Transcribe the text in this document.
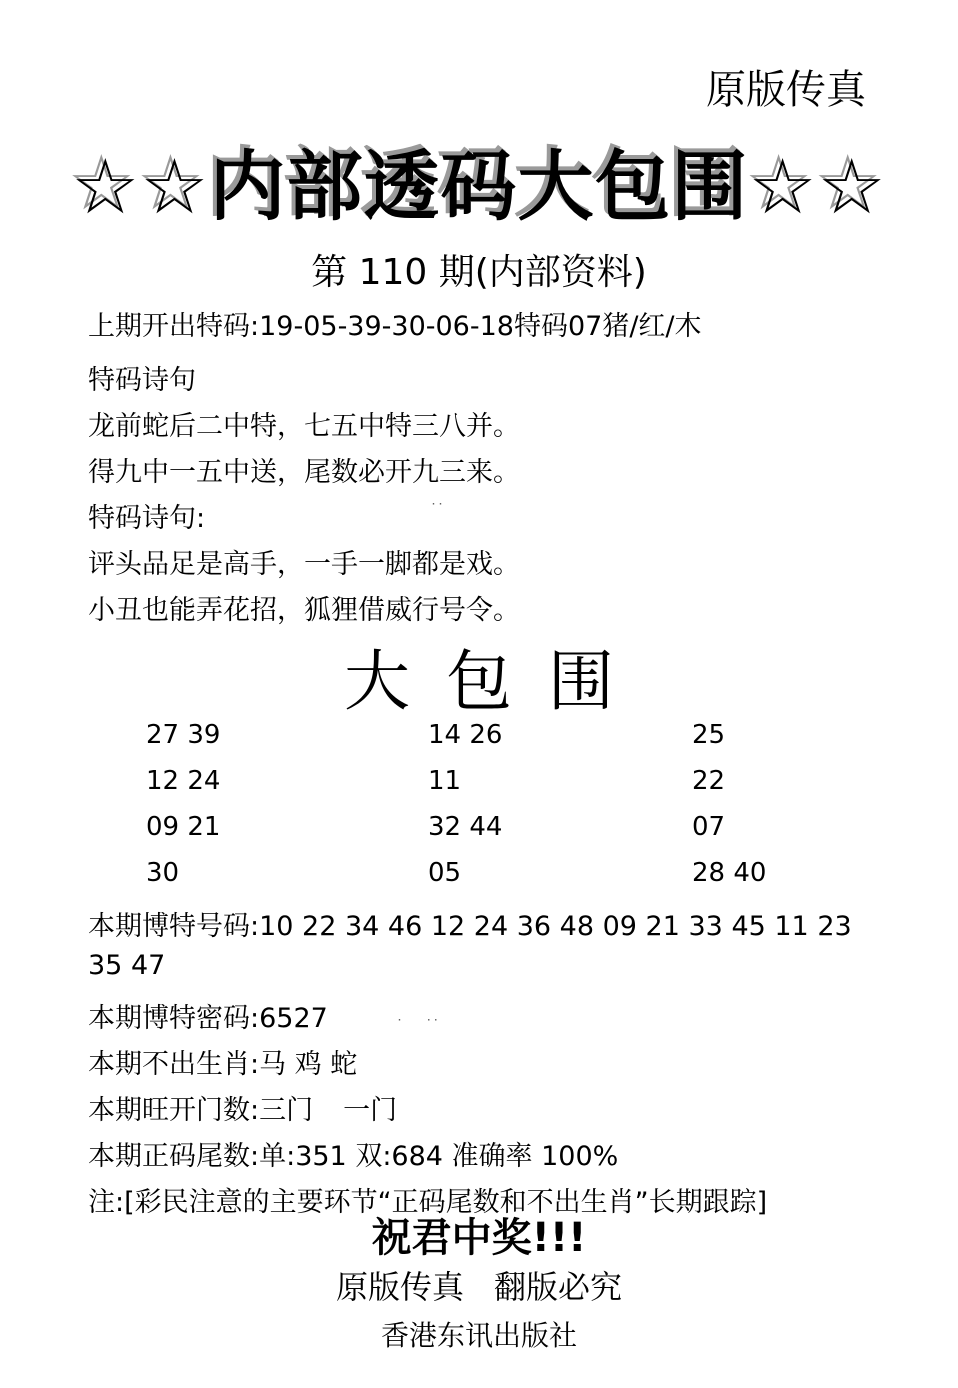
原版传真
☆☆内部透码大包围☆☆
第 110 期(内部资料)
上期开出特码:19-05-39-30-06-18特码07猪/红/木
特码诗句
龙前蛇后二中特，七五中特三八并。
得九中一五中送，尾数必开九三来。
特码诗句:	˙˙
评头品足是高手，一手一脚都是戏。
小丑也能弄花招，狐狸借威行号令。
大包围
27 39	14 26	25
12 24	11	22
09 21	32 44	07
30	05	28 40
本期博特号码:10 22 34 46 12 24 36 48 09 21 33 45 11 23
35 47
本期博特密码:6527	˙     ˙˙
本期不出生肖:马 鸡 蛇
本期旺开门数:三门 一门
本期正码尾数:单:351 双:684 准确率 100%
注:[彩民注意的主要环节“正码尾数和不出生肖”长期跟踪]
祝君中奖!!!
原版传真 翻版必究
香港东讯出版社
